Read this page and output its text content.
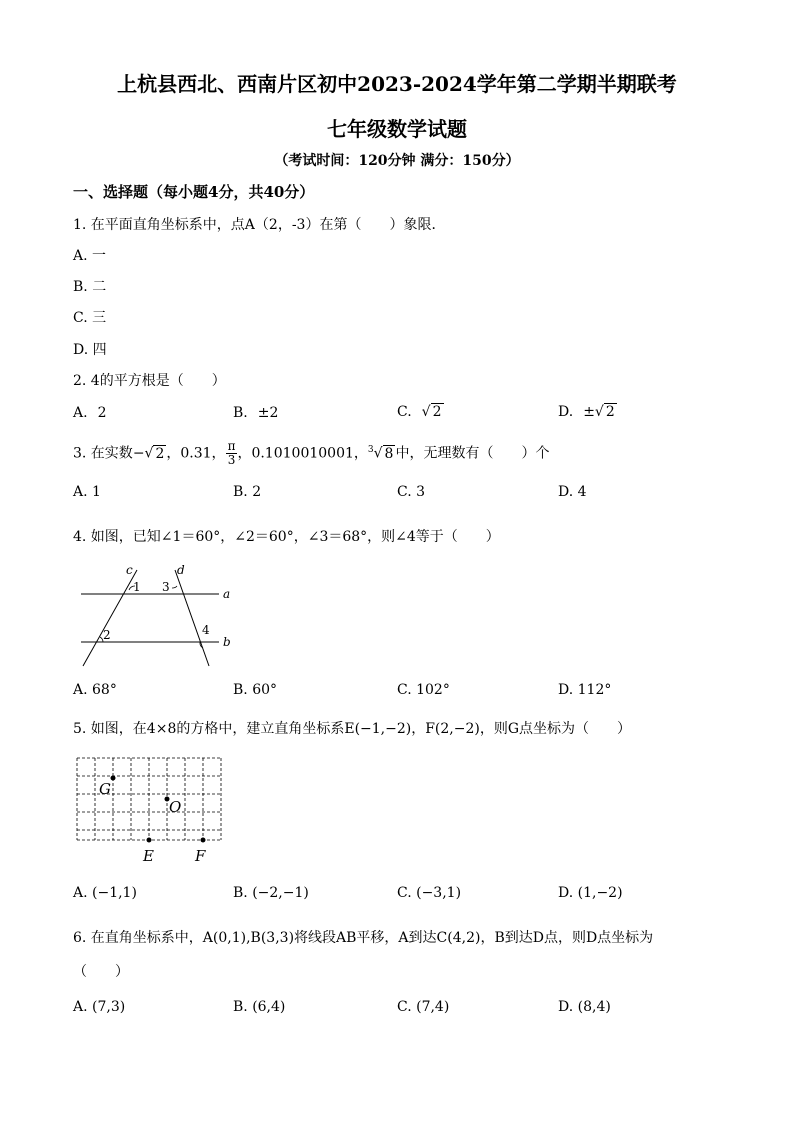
上杭县西北、西南片区初中2023-2024学年第二学期半期联考
七年级数学试题
（考试时间：120分钟 满分：150分）
一、选择题（每小题4分，共40分）
1. 在平面直角坐标系中，点A（2，-3）在第（　　）象限．
A. 一
B. 二
C. 三
D. 四
2. 4的平方根是（　　）
A. 2	B. ±2	C. √ 2	D. ±√ 2
3. 在实数−√ 2 ，0.31， $\frac{\pi}{3}$ ，0.1010010001，$^3$√ 8 中，无理数有（　　）个
A. 1	B. 2	C. 3	D. 4
4. 如图，已知∠1＝60°，∠2＝60°，∠3＝68°，则∠4等于（　　）
c	d
a
b
1 3
2	4
A. 68°	B. 60°	C. 102°	D. 112°
5. 如图，在4×8的方格中，建立直角坐标系E(−1,−2)，F(2,−2)，则G点坐标为（　　）
G
O
E	F
A. (−1,1)	B. (−2,−1)	C. (−3,1)	D. (1,−2)
6. 在直角坐标系中，A(0,1),B(3,3)将线段AB平移，A到达C(4,2)，B到达D点，则D点坐标为
（　　）
A. (7,3)	B. (6,4)	C. (7,4)	D. (8,4)
